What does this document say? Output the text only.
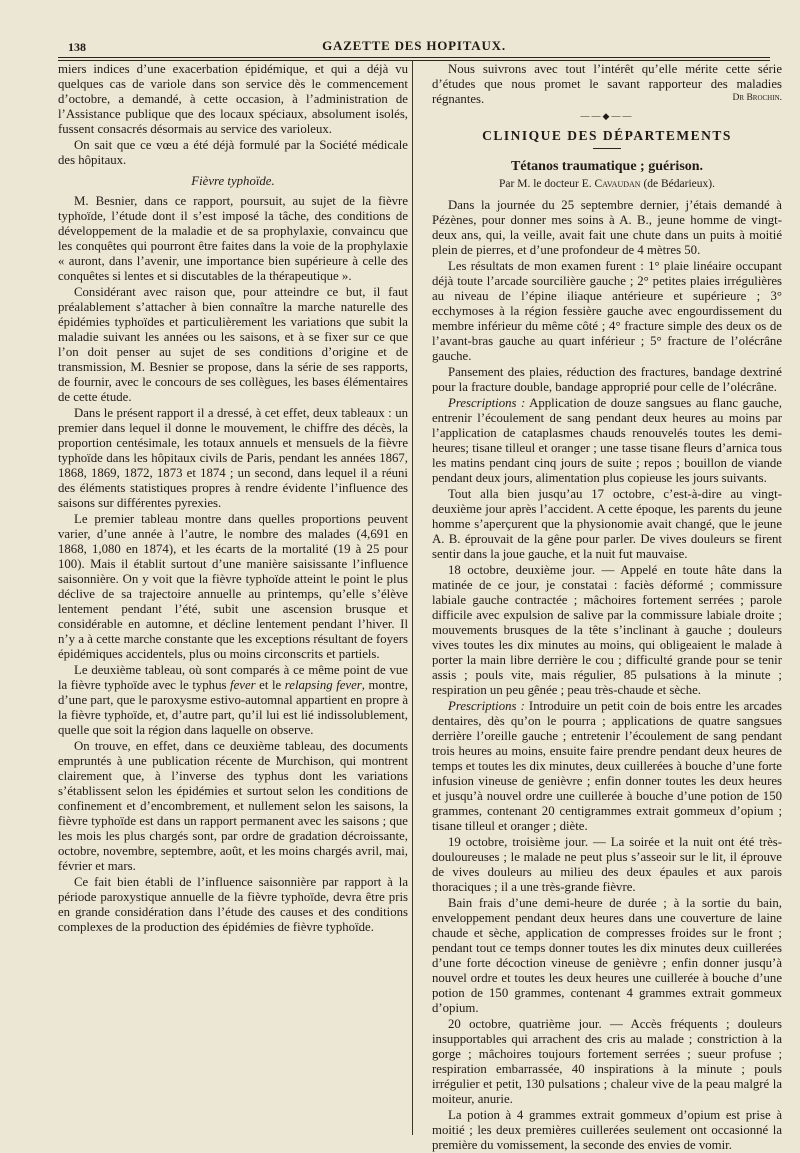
138	GAZETTE DES HOPITAUX.

miers indices d’une exacerbation épidémique, et qui a déjà vu quelques cas de variole dans son service dès le commencement d’octobre, a demandé, à cette occasion, à l’administration de l’Assistance publique que des locaux spéciaux, absolument isolés, fussent consacrés désormais au service des varioleux.

On sait que ce vœu a été déjà formulé par la Société médicale des hôpitaux.

Fièvre typhoïde.

M. Besnier, dans ce rapport, poursuit, au sujet de la fièvre typhoïde, l’étude dont il s’est imposé la tâche, des conditions de développement de la maladie et de sa prophylaxie, convaincu que les conquêtes qui pourront être faites dans la voie de la prophylaxie « auront, dans l’avenir, une importance bien supérieure à celle des conquêtes si lentes et si discutables de la thérapeutique ».

Considérant avec raison que, pour atteindre ce but, il faut préalablement s’attacher à bien connaître la marche naturelle des épidémies typhoïdes et particulièrement les variations que subit la maladie suivant les années ou les saisons, et à se fixer sur ce que l’on doit penser au sujet de ses conditions d’origine et de transmission, M. Besnier se propose, dans la série de ses rapports, de fournir, avec le concours de ses collègues, les bases élémentaires de cette étude.

Dans le présent rapport il a dressé, à cet effet, deux tableaux : un premier dans lequel il donne le mouvement, le chiffre des décès, la proportion centésimale, les totaux annuels et mensuels de la fièvre typhoïde dans les hôpitaux civils de Paris, pendant les années 1867, 1868, 1869, 1872, 1873 et 1874 ; un second, dans lequel il a réuni des éléments statistiques propres à rendre évidente l’influence des saisons sur différentes pyrexies.

Le premier tableau montre dans quelles proportions peuvent varier, d’une année à l’autre, le nombre des malades (4,691 en 1868, 1,080 en 1874), et les écarts de la mortalité (19 à 25 pour 100). Mais il établit surtout d’une manière saisissante l’influence saisonnière. On y voit que la fièvre typhoïde atteint le point le plus déclive de sa trajectoire annuelle au printemps, qu’elle s’élève lentement pendant l’été, subit une ascension brusque et considérable en automne, et décline lentement pendant l’hiver. Il n’y a à cette marche constante que les exceptions résultant de foyers épidémiques accidentels, plus ou moins circonscrits et partiels.

Le deuxième tableau, où sont comparés à ce même point de vue la fièvre typhoïde avec le typhus fever et le relapsing fever, montre, d’une part, que le paroxysme estivo-automnal appartient en propre à la fièvre typhoïde, et, d’autre part, qu’il lui est lié indissolublement, quelle que soit la région dans laquelle on observe.

On trouve, en effet, dans ce deuxième tableau, des documents empruntés à une publication récente de Murchison, qui montrent clairement que, à l’inverse des typhus dont les variations s’établissent selon les épidémies et surtout selon les conditions de confinement et d’encombrement, et nullement selon les saisons, la fièvre typhoïde est dans un rapport permanent avec les saisons ; que les mois les plus chargés sont, par ordre de gradation décroissante, octobre, novembre, septembre, août, et les moins chargés avril, mai, février et mars.

Ce fait bien établi de l’influence saisonnière par rapport à la période paroxystique annuelle de la fièvre typhoïde, devra être pris en grande considération dans l’étude des causes et des conditions complexes de la production des épidémies de fièvre typhoïde.

Nous suivrons avec tout l’intérêt qu’elle mérite cette série d’études que nous promet le savant rapporteur des maladies régnantes.	Dr Brochin.
——◆——
CLINIQUE DES DÉPARTEMENTS
Tétanos traumatique ; guérison.
Par M. le docteur E. Cavaudan (de Bédarieux).

Dans la journée du 25 septembre dernier, j’étais demandé à Pézènes, pour donner mes soins à A. B., jeune homme de vingt-deux ans, qui, la veille, avait fait une chute dans un puits à moitié plein de pierres, et d’une profondeur de 4 mètres 50.

Les résultats de mon examen furent : 1° plaie linéaire occupant déjà toute l’arcade sourcilière gauche ; 2° petites plaies irrégulières au niveau de l’épine iliaque antérieure et supérieure ; 3° ecchymoses à la région fessière gauche avec engourdissement du membre inférieur du même côté ; 4° fracture simple des deux os de l’avant-bras gauche au quart inférieur ; 5° fracture de l’olécrâne gauche.

Pansement des plaies, réduction des fractures, bandage dextriné pour la fracture double, bandage approprié pour celle de l’olécrâne.

Prescriptions : Application de douze sangsues au flanc gauche, entrenir l’écoulement de sang pendant deux heures au moins par l’application de cataplasmes chauds renouvelés toutes les demi-heures; tisane tilleul et oranger ; une tasse tisane fleurs d’arnica tous les matins pendant cinq jours de suite ; repos ; bouillon de viande pendant deux jours, alimentation plus copieuse les jours suivants.

Tout alla bien jusqu’au 17 octobre, c’est-à-dire au vingt-deuxième jour après l’accident. A cette époque, les parents du jeune homme s’aperçurent que la physionomie avait changé, que le jeune A. B. éprouvait de la gêne pour parler. De vives douleurs se firent sentir dans la joue gauche, et la nuit fut mauvaise.

18 octobre, deuxième jour. — Appelé en toute hâte dans la matinée de ce jour, je constatai : faciès déformé ; commissure labiale gauche contractée ; mâchoires fortement serrées ; parole difficile avec expulsion de salive par la commissure labiale droite ; mouvements brusques de la tête s’inclinant à gauche ; douleurs vives toutes les dix minutes au moins, qui obligeaient le malade à porter la main libre derrière le cou ; difficulté grande pour se tenir assis ; pouls vite, mais régulier, 85 pulsations à la minute ; respiration un peu gênée ; peau très-chaude et sèche.

Prescriptions : Introduire un petit coin de bois entre les arcades dentaires, dès qu’on le pourra ; applications de quatre sangsues derrière l’oreille gauche ; entretenir l’écoulement de sang pendant trois heures au moins, ensuite faire prendre pendant deux heures de temps et toutes les dix minutes, deux cuillerées à bouche d’une forte infusion vineuse de genièvre ; enfin donner toutes les deux heures et jusqu’à nouvel ordre une cuillerée à bouche d’une potion de 150 grammes, contenant 20 centigrammes extrait gommeux d’opium ; tisane tilleul et oranger ; diète.

19 octobre, troisième jour. — La soirée et la nuit ont été très-douloureuses ; le malade ne peut plus s’asseoir sur le lit, il éprouve de vives douleurs au milieu des deux épaules et aux parois thoraciques ; il a une très-grande fièvre.

Bain frais d’une demi-heure de durée ; à la sortie du bain, enveloppement pendant deux heures dans une couverture de laine chaude et sèche, application de compresses froides sur le front ; pendant tout ce temps donner toutes les dix minutes deux cuillerées d’une forte décoction vineuse de genièvre ; enfin donner jusqu’à nouvel ordre et toutes les deux heures une cuillerée à bouche d’une potion de 150 grammes, contenant 4 grammes extrait gommeux d’opium.

20 octobre, quatrième jour. — Accès fréquents ; douleurs insupportables qui arrachent des cris au malade ; constriction à la gorge ; mâchoires toujours fortement serrées ; sueur profuse ; respiration embarrassée, 40 inspirations à la minute ; pouls irrégulier et petit, 130 pulsations ; chaleur vive de la peau malgré la moiteur, anurie.

La potion à 4 grammes extrait gommeux d’opium est prise à moitié ; les deux premières cuillerées seulement ont occasionné la première du vomissement, la seconde des envies de vomir.
